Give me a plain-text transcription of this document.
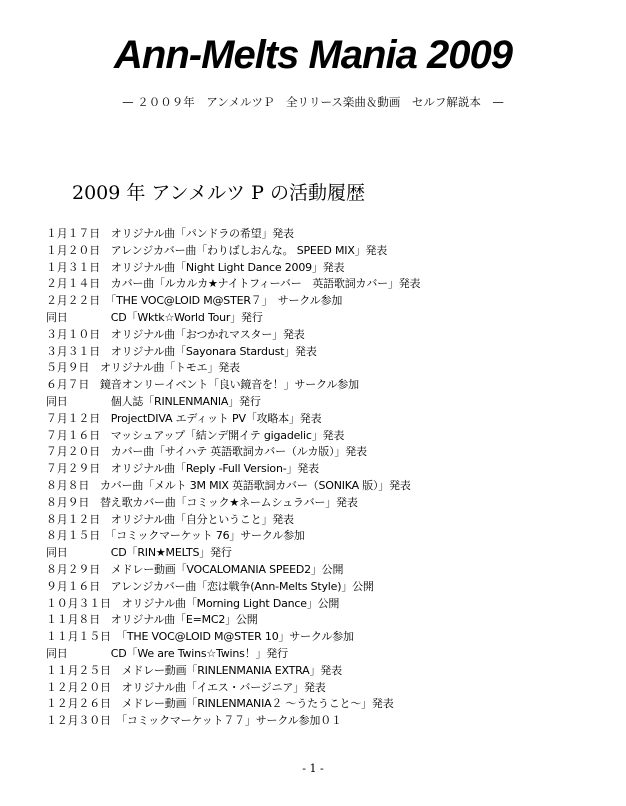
Ann-Melts Mania 2009
— ２００９年　アンメルツＰ　全リリース楽曲＆動画　セルフ解説本　—
2009 年 アンメルツ P の活動履歴
１月１７日　オリジナル曲「パンドラの希望」発表
１月２０日　アレンジカバー曲「わりばしおんな。 SPEED MIX」発表
１月３１日　オリジナル曲「Night Light Dance 2009」発表
２月１４日　カバー曲「ルカルカ★ナイトフィーバー　英語歌詞カバー」発表
２月２２日　「THE VOC@LOID M@STER７」　サークル参加
同日　　　　CD「Wktk☆World Tour」発行
３月１０日　オリジナル曲「おつかれマスター」発表
３月３１日　オリジナル曲「Sayonara Stardust」発表
５月９日　オリジナル曲「トモエ」発表
６月７日　鏡音オンリーイベント「良い鏡音を！」サークル参加
同日　　　　個人誌「RINLENMANIA」発行
７月１２日　ProjectDIVA エディット PV「攻略本」発表
７月１６日　マッシュアップ「結ンデ開イテ gigadelic」発表
７月２０日　カバー曲「サイハテ 英語歌詞カバー（ルカ版）」発表
７月２９日　オリジナル曲「Reply -Full Version-」発表
８月８日　カバー曲「メルト 3M MIX 英語歌詞カバー（SONIKA 版）」発表
８月９日　替え歌カバー曲「コミック★ネームシュラバー」発表
８月１２日　オリジナル曲「自分ということ」発表
８月１５日　「コミックマーケット 76」サークル参加
同日　　　　CD「RIN★MELTS」発行
８月２９日　メドレー動画「VOCALOMANIA SPEED2」公開
９月１６日　アレンジカバー曲「恋は戦争(Ann-Melts Style)」公開
１０月３１日　オリジナル曲「Morning Light Dance」公開
１１月８日　オリジナル曲「E=MC2」公開
１１月１５日　「THE VOC@LOID M@STER 10」サークル参加
同日　　　　CD「We are Twins☆Twins！」発行
１１月２５日　メドレー動画「RINLENMANIA EXTRA」発表
１２月２０日　オリジナル曲「イエス・バージニア」発表
１２月２６日　メドレー動画「RINLENMANIA２ ～うたうこと～」発表
１２月３０日　「コミックマーケット７７」サークル参加０１
- 1 -
